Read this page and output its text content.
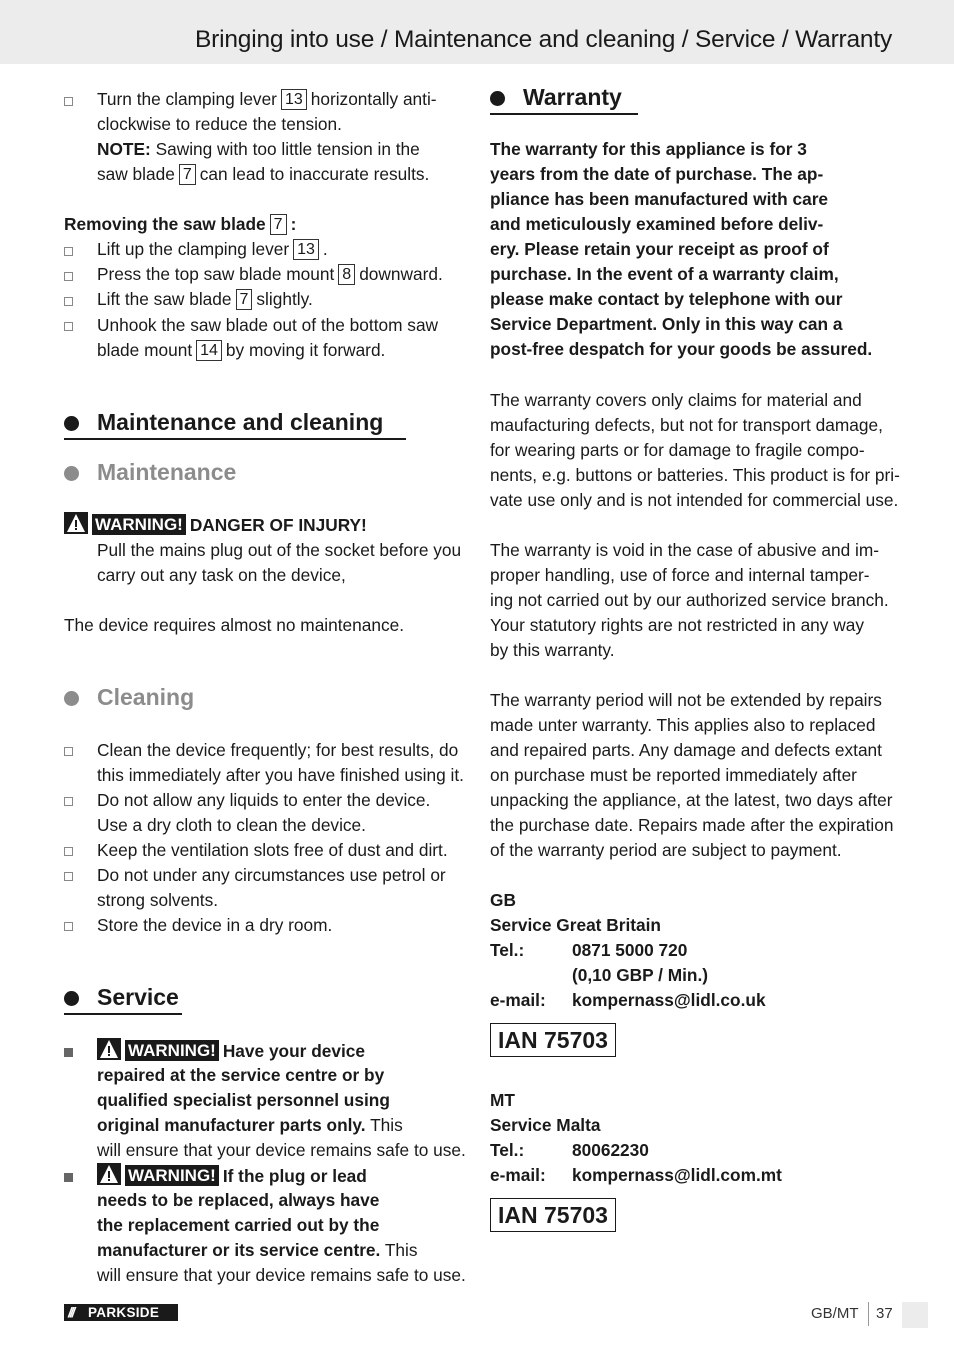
Bringing into use / Maintenance and cleaning / Service / Warranty
Turn the clamping lever 13 horizontally anti-
clockwise to reduce the tension.
NOTE: Sawing with too little tension in the
saw blade 7 can lead to inaccurate results.
Removing the saw blade 7 :
Lift up the clamping lever 13 .
Press the top saw blade mount 8 downward.
Lift the saw blade 7 slightly.
Unhook the saw blade out of the bottom saw
blade mount 14 by moving it forward.
Maintenance and cleaning
Maintenance
WARNING! DANGER OF INJURY!
Pull the mains plug out of the socket before you
carry out any task on the device,
The device requires almost no maintenance.
Cleaning
Clean the device frequently; for best results, do
this immediately after you have finished using it.
Do not allow any liquids to enter the device.
Use a dry cloth to clean the device.
Keep the ventilation slots free of dust and dirt.
Do not under any circumstances use petrol or
strong solvents.
Store the device in a dry room.
Service
WARNING! Have your device
repaired at the service centre or by
qualified specialist personnel using
original manufacturer parts only. This
will ensure that your device remains safe to use.
WARNING! If the plug or lead
needs to be replaced, always have
the replacement carried out by the
manufacturer or its service centre. This
will ensure that your device remains safe to use.
Warranty
The warranty for this appliance is for 3
years from the date of purchase. The ap-
pliance has been manufactured with care
and meticulously examined before deliv-
ery. Please retain your receipt as proof of
purchase. In the event of a warranty claim,
please make contact by telephone with our
Service Department. Only in this way can a
post-free despatch for your goods be assured.
The warranty covers only claims for material and
maufacturing defects, but not for transport damage,
for wearing parts or for damage to fragile compo-
nents, e.g. buttons or batteries. This product is for pri-
vate use only and is not intended for commercial use.
The warranty is void in the case of abusive and im-
proper handling, use of force and internal tamper-
ing not carried out by our authorized service branch.
Your statutory rights are not restricted in any way
by this warranty.
The warranty period will not be extended by repairs
made unter warranty. This applies also to replaced
and repaired parts. Any damage and defects extant
on purchase must be reported immediately after
unpacking the appliance, at the latest, two days after
the purchase date. Repairs made after the expiration
of the warranty period are subject to payment.
GB
Service Great Britain
Tel.:	0871 5000 720
(0,10 GBP / Min.)
e-mail: kompernass@lidl.co.uk
IAN 75703
MT
Service Malta
Tel.:	80062230
e-mail: kompernass@lidl.com.mt
IAN 75703
/// PARKSIDE	GB/MT 37
